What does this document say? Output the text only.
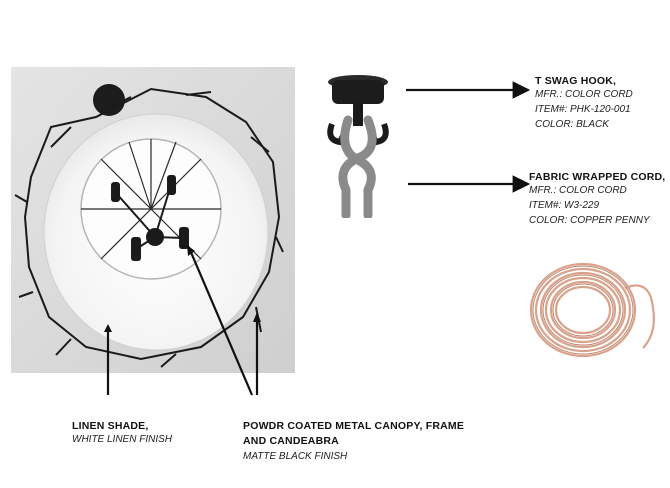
T SWAG HOOK,
MFR.: COLOR CORD
ITEM#: PHK-120-001
COLOR: BLACK
FABRIC WRAPPED CORD,
MFR.: COLOR CORD
ITEM#: W3-229
COLOR: COPPER PENNY
LINEN SHADE,
WHITE LINEN FINISH
POWDR COATED METAL CANOPY, FRAME
AND CANDEABRA
MATTE BLACK FINISH
